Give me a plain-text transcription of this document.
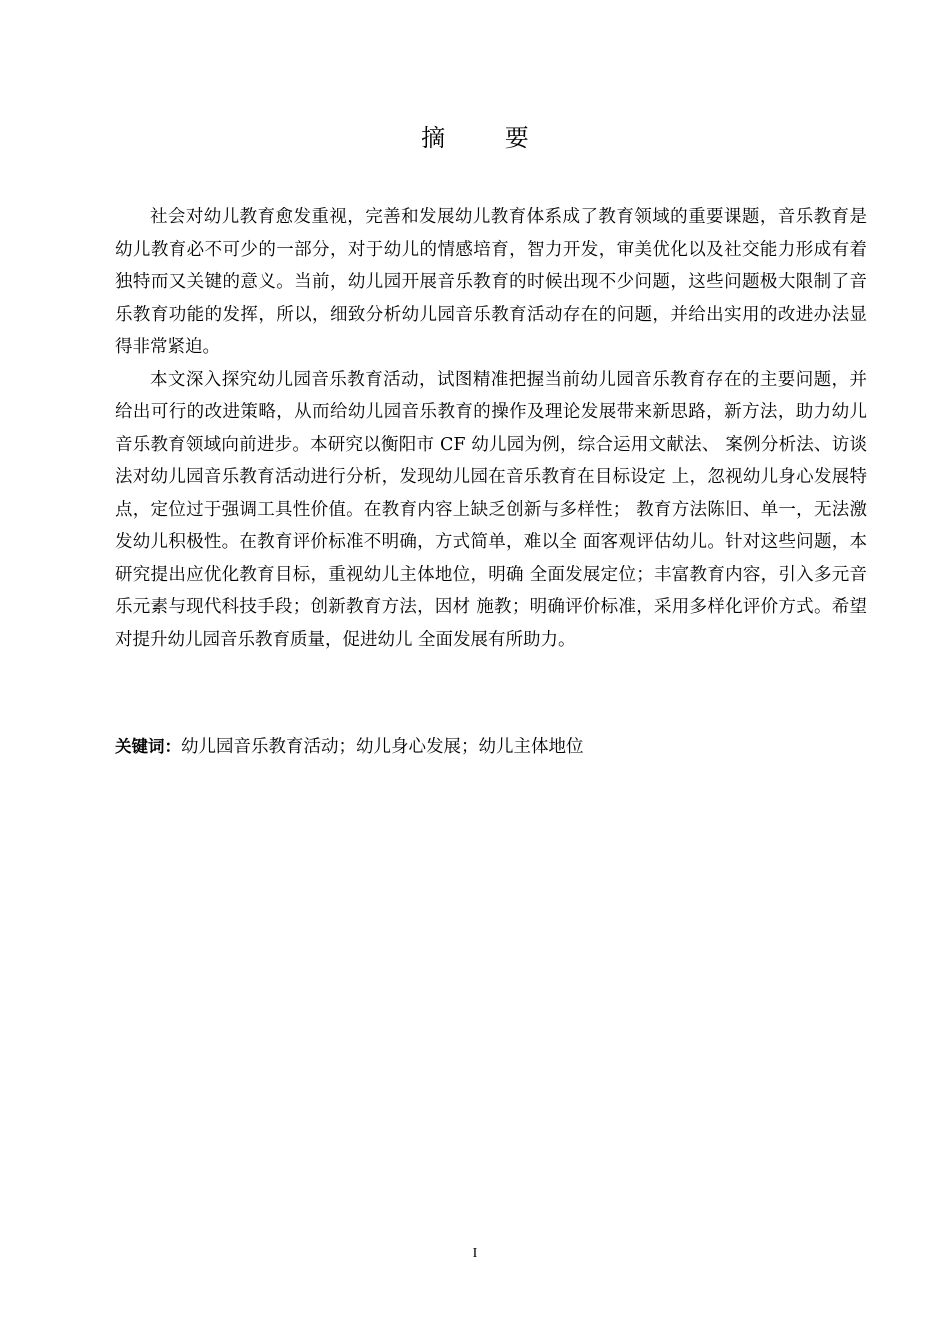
摘 要

社会对幼儿教育愈发重视，完善和发展幼儿教育体系成了教育领域的重要课题，音乐教育是幼儿教育必不可少的一部分，对于幼儿的情感培育，智力开发，审美优化以及社交能力形成有着独特而又关键的意义。当前，幼儿园开展音乐教育的时候出现不少问题，这些问题极大限制了音乐教育功能的发挥，所以，细致分析幼儿园音乐教育活动存在的问题，并给出实用的改进办法显得非常紧迫。

本文深入探究幼儿园音乐教育活动，试图精准把握当前幼儿园音乐教育存在的主要问题，并给出可行的改进策略，从而给幼儿园音乐教育的操作及理论发展带来新思路，新方法，助力幼儿音乐教育领域向前进步。本研究以衡阳市 CF 幼儿园为例，综合运用文献法、 案例分析法、访谈法对幼儿园音乐教育活动进行分析，发现幼儿园在音乐教育在目标设定 上，忽视幼儿身心发展特点，定位过于强调工具性价值。在教育内容上缺乏创新与多样性； 教育方法陈旧、单一，无法激发幼儿积极性。在教育评价标准不明确，方式简单，难以全 面客观评估幼儿。针对这些问题，本研究提出应优化教育目标，重视幼儿主体地位，明确 全面发展定位；丰富教育内容，引入多元音乐元素与现代科技手段；创新教育方法，因材 施教；明确评价标准，采用多样化评价方式。希望对提升幼儿园音乐教育质量，促进幼儿 全面发展有所助力。

关键词：幼儿园音乐教育活动；幼儿身心发展；幼儿主体地位
I
